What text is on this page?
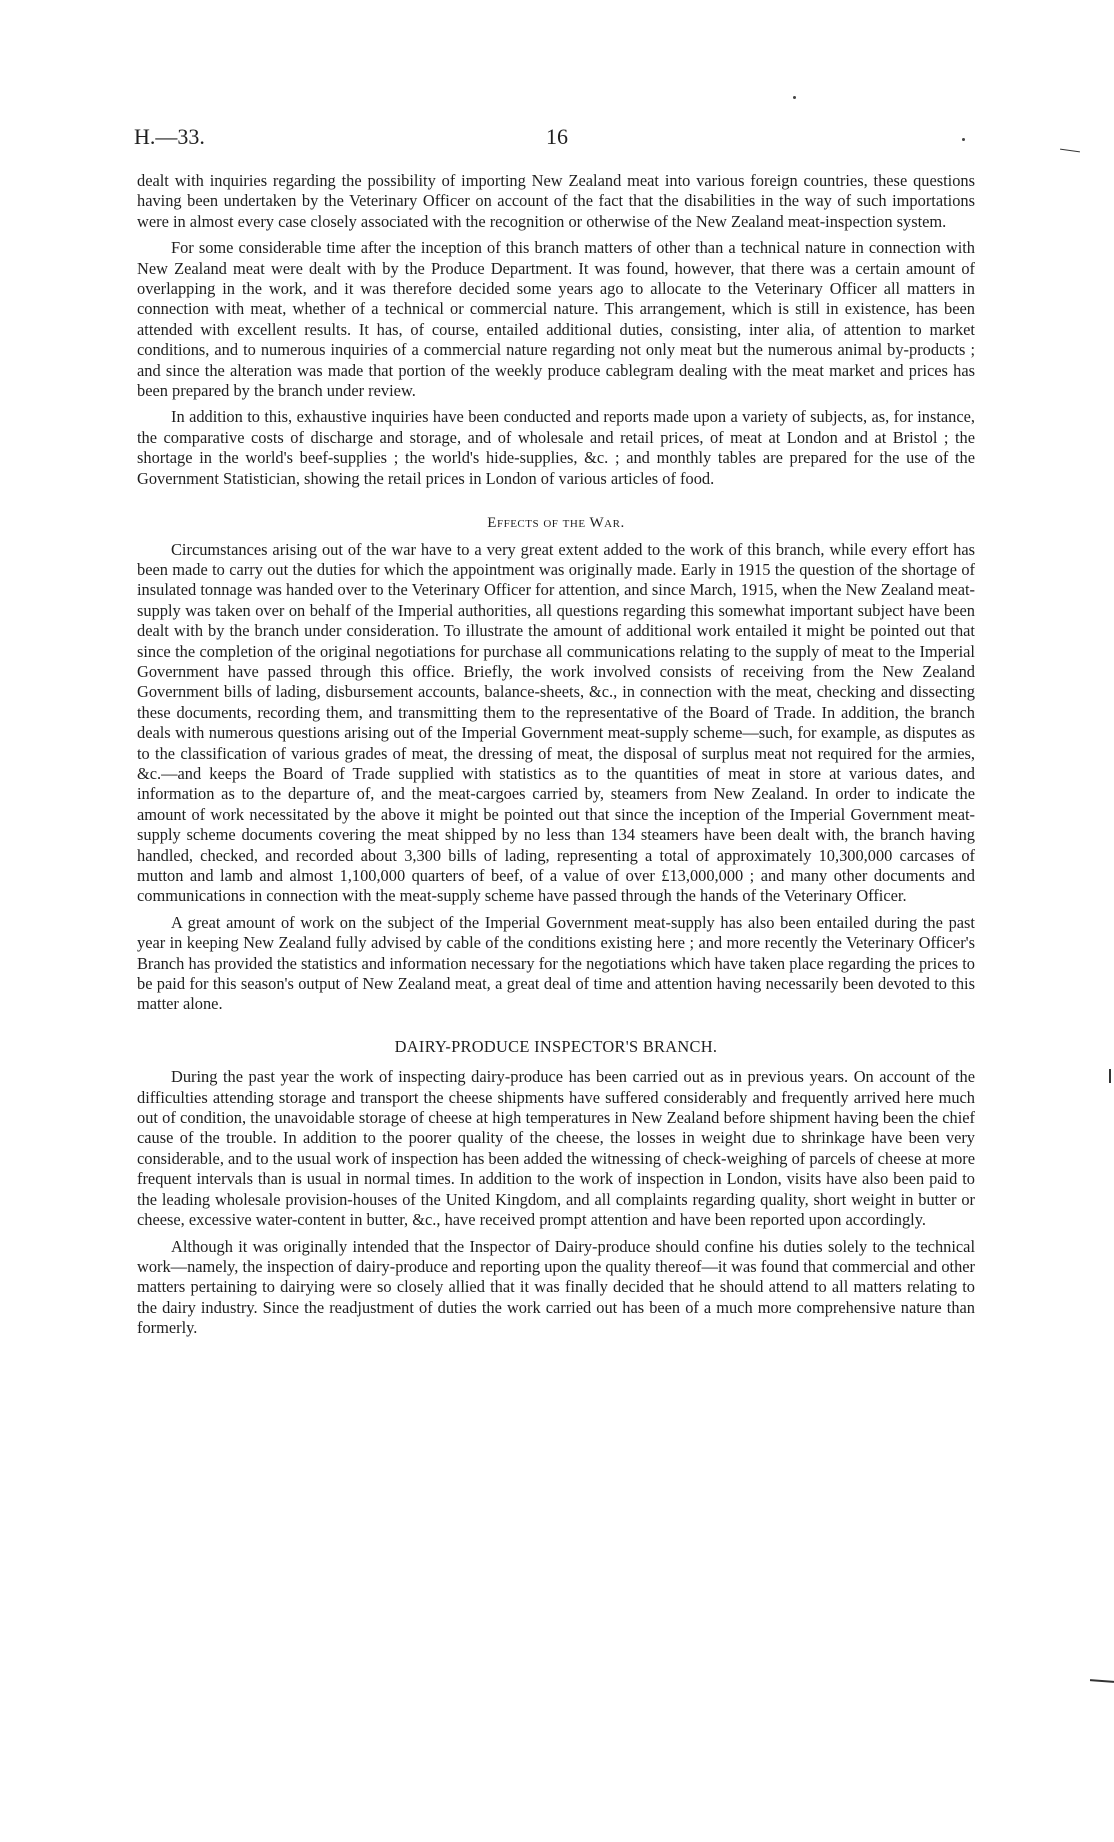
H.—33.	16

dealt with inquiries regarding the possibility of importing New Zealand meat into various foreign countries, these questions having been undertaken by the Veterinary Officer on account of the fact that the disabilities in the way of such importations were in almost every case closely associated with the recognition or otherwise of the New Zealand meat-inspection system.

For some considerable time after the inception of this branch matters of other than a technical nature in connection with New Zealand meat were dealt with by the Produce Department. It was found, however, that there was a certain amount of overlapping in the work, and it was therefore decided some years ago to allocate to the Veterinary Officer all matters in connection with meat, whether of a technical or commercial nature. This arrangement, which is still in existence, has been attended with excellent results. It has, of course, entailed additional duties, consisting, inter alia, of attention to market conditions, and to numerous inquiries of a commercial nature regarding not only meat but the numerous animal by-products ; and since the alteration was made that portion of the weekly produce cablegram dealing with the meat market and prices has been prepared by the branch under review.

In addition to this, exhaustive inquiries have been conducted and reports made upon a variety of subjects, as, for instance, the comparative costs of discharge and storage, and of wholesale and retail prices, of meat at London and at Bristol ; the shortage in the world's beef-supplies ; the world's hide-supplies, &c. ; and monthly tables are prepared for the use of the Government Statistician, showing the retail prices in London of various articles of food.

Effects of the War.

Circumstances arising out of the war have to a very great extent added to the work of this branch, while every effort has been made to carry out the duties for which the appointment was originally made. Early in 1915 the question of the shortage of insulated tonnage was handed over to the Veterinary Officer for attention, and since March, 1915, when the New Zealand meat-supply was taken over on behalf of the Imperial authorities, all questions regarding this somewhat important subject have been dealt with by the branch under consideration. To illustrate the amount of additional work entailed it might be pointed out that since the completion of the original negotiations for purchase all communications relating to the supply of meat to the Imperial Government have passed through this office. Briefly, the work involved consists of receiving from the New Zealand Government bills of lading, disbursement accounts, balance-sheets, &c., in connection with the meat, checking and dissecting these documents, recording them, and transmitting them to the representative of the Board of Trade. In addition, the branch deals with numerous questions arising out of the Imperial Government meat-supply scheme—such, for example, as disputes as to the classification of various grades of meat, the dressing of meat, the disposal of surplus meat not required for the armies, &c.—and keeps the Board of Trade supplied with statistics as to the quantities of meat in store at various dates, and information as to the departure of, and the meat-cargoes carried by, steamers from New Zealand. In order to indicate the amount of work necessitated by the above it might be pointed out that since the inception of the Imperial Government meat-supply scheme documents covering the meat shipped by no less than 134 steamers have been dealt with, the branch having handled, checked, and recorded about 3,300 bills of lading, representing a total of approximately 10,300,000 carcases of mutton and lamb and almost 1,100,000 quarters of beef, of a value of over £13,000,000 ; and many other documents and communications in connection with the meat-supply scheme have passed through the hands of the Veterinary Officer.

A great amount of work on the subject of the Imperial Government meat-supply has also been entailed during the past year in keeping New Zealand fully advised by cable of the conditions existing here ; and more recently the Veterinary Officer's Branch has provided the statistics and information necessary for the negotiations which have taken place regarding the prices to be paid for this season's output of New Zealand meat, a great deal of time and attention having necessarily been devoted to this matter alone.

DAIRY-PRODUCE INSPECTOR'S BRANCH.

During the past year the work of inspecting dairy-produce has been carried out as in previous years. On account of the difficulties attending storage and transport the cheese shipments have suffered considerably and frequently arrived here much out of condition, the unavoidable storage of cheese at high temperatures in New Zealand before shipment having been the chief cause of the trouble. In addition to the poorer quality of the cheese, the losses in weight due to shrinkage have been very considerable, and to the usual work of inspection has been added the witnessing of check-weighing of parcels of cheese at more frequent intervals than is usual in normal times. In addition to the work of inspection in London, visits have also been paid to the leading wholesale provision-houses of the United Kingdom, and all complaints regarding quality, short weight in butter or cheese, excessive water-content in butter, &c., have received prompt attention and have been reported upon accordingly.

Although it was originally intended that the Inspector of Dairy-produce should confine his duties solely to the technical work—namely, the inspection of dairy-produce and reporting upon the quality thereof—it was found that commercial and other matters pertaining to dairying were so closely allied that it was finally decided that he should attend to all matters relating to the dairy industry. Since the readjustment of duties the work carried out has been of a much more comprehensive nature than formerly.
